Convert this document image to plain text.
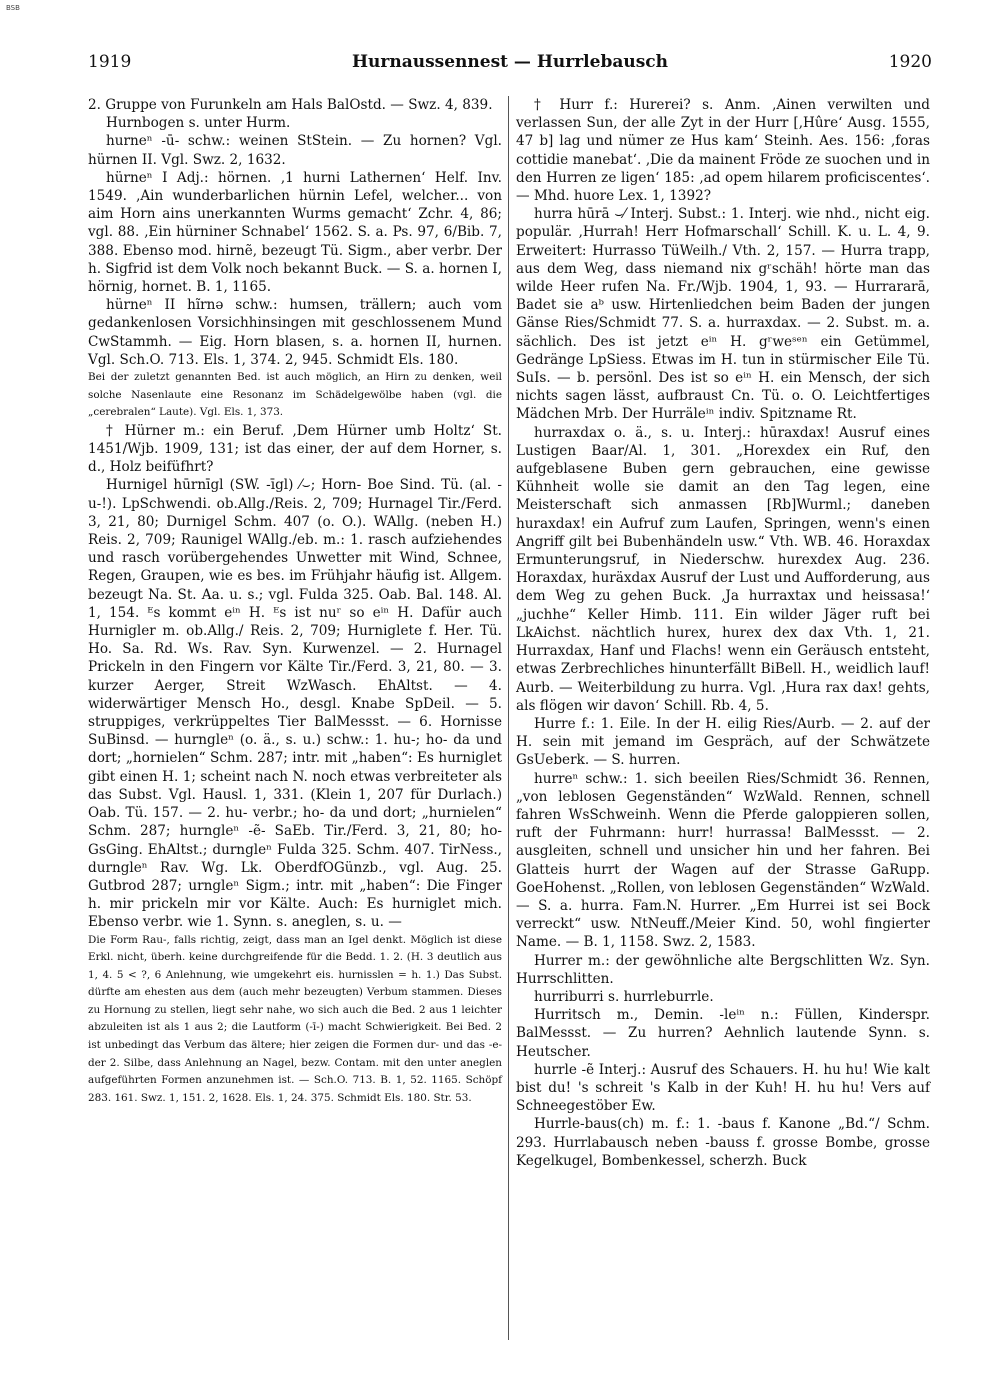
BSB
1919	Hurnaussennest — Hurrlebausch	1920

2. Gruppe von Furunkeln am Hals BalOstd. — Swz. 4, 839.

Hurnbogen s. unter Hurm.

hurneⁿ -ū- schw.: weinen StStein. — Zu hornen? Vgl. hürnen II. Vgl. Swz. 2, 1632.

hürneⁿ I Adj.: hörnen. ‚1 hurni Lathernen‘ Helf. Inv. 1549. ‚Ain wunderbarlichen hürnin Lefel, welcher... von aim Horn ains unerkannten Wurms gemacht‘ Zchr. 4, 86; vgl. 88. ‚Ein hürniner Schnabel‘ 1562. S. a. Ps. 97, 6/Bib. 7, 388. Ebenso mod. hirnẽ, bezeugt Tü. Sigm., aber verbr. Der h. Sigfrid ist dem Volk noch bekannt Buck. — S. a. hornen I, hörnig, hornet. B. 1, 1165.

hürneⁿ II hĩrnə schw.: humsen, trällern; auch vom gedankenlosen Vorsichhinsingen mit geschlossenem Mund CwStammh. — Eig. Horn blasen, s. a. hornen II, hurnen. Vgl. Sch.O. 713. Els. 1, 374. 2, 945. Schmidt Els. 180.

Bei der zuletzt genannten Bed. ist auch möglich, an Hirn zu denken, weil solche Nasenlaute eine Resonanz im Schädelgewölbe haben (vgl. die „cerebralen“ Laute). Vgl. Els. 1, 373.

† Hürner m.: ein Beruf. ‚Dem Hürner umb Holtz‘ St. 1451/Wjb. 1909, 131; ist das einer, der auf dem Horner, s. d., Holz beifüfhrt?

Hurnigel hūrnīgl (SW. -īgl) ⁄⌣; Horn- Boe Sind. Tü. (al. -u-!). LpSchwendi. ob.Allg./Reis. 2, 709; Hurnagel Tir./Ferd. 3, 21, 80; Durnigel Schm. 407 (o. O.). WAllg. (neben H.) Reis. 2, 709; Raunigel WAllg./eb. m.: 1. rasch aufziehendes und rasch vorübergehendes Unwetter mit Wind, Schnee, Regen, Graupen, wie es bes. im Frühjahr häufig ist. Allgem. bezeugt Na. St. Aa. u. s.; vgl. Fulda 325. Oab. Bal. 148. Al. 1, 154. ᴱs kommt eⁱⁿ H. ᴱs ist nuʳ so eⁱⁿ H. Dafür auch Hurnigler m. ob.Allg./ Reis. 2, 709; Hurniglete f. Her. Tü. Ho. Sa. Rd. Ws. Rav. Syn. Kurwenzel. — 2. Hurnagel Prickeln in den Fingern vor Kälte Tir./Ferd. 3, 21, 80. — 3. kurzer Aerger, Streit WzWasch. EhAltst. — 4. widerwärtiger Mensch Ho., desgl. Knabe SpDeil. — 5. struppiges, verkrüppeltes Tier BalMessst. — 6. Hornisse SuBinsd. — hurngleⁿ (o. ä., s. u.) schw.: 1. hu-; ho- da und dort; „hornielen“ Schm. 287; intr. mit „haben“: Es hurniglet gibt einen H. 1; scheint nach N. noch etwas verbreiteter als das Subst. Vgl. Hausl. 1, 331. (Klein 1, 207 für Durlach.) Oab. Tü. 157. — 2. hu- verbr.; ho- da und dort; „hurnielen“ Schm. 287; hurngleⁿ -ẽ- SaEb. Tir./Ferd. 3, 21, 80; ho- GsGing. EhAltst.; durngleⁿ Fulda 325. Schm. 407. TirNess., durngleⁿ Rav. Wg. Lk. OberdfOGünzb., vgl. Aug. 25. Gutbrod 287; urngleⁿ Sigm.; intr. mit „haben“: Die Finger h. mir prickeln mir vor Kälte. Auch: Es hurniglet mich. Ebenso verbr. wie 1. Synn. s. aneglen, s. u. —

Die Form Rau-, falls richtig, zeigt, dass man an Igel denkt. Möglich ist diese Erkl. nicht, überh. keine durchgreifende für die Bedd. 1. 2. (H. 3 deutlich aus 1, 4. 5 < ?, 6 Anlehnung, wie umgekehrt eis. hurnisslen = h. 1.) Das Subst. dürfte am ehesten aus dem (auch mehr bezeugten) Verbum stammen. Dieses zu Hornung zu stellen, liegt sehr nahe, wo sich auch die Bed. 2 aus 1 leichter abzuleiten ist als 1 aus 2; die Lautform (-ī-) macht Schwierigkeit. Bei Bed. 2 ist unbedingt das Verbum das ältere; hier zeigen die Formen dur- und das -e- der 2. Silbe, dass Anlehnung an Nagel, bezw. Contam. mit den unter aneglen aufgeführten Formen anzunehmen ist. — Sch.O. 713. B. 1, 52. 1165. Schöpf 283. 161. Swz. 1, 151. 2, 1628. Els. 1, 24. 375. Schmidt Els. 180. Str. 53.

† Hurr f.: Hurerei? s. Anm. ‚Ainen verwilten und verlassen Sun, der alle Zyt in der Hurr [‚Hûre‘ Ausg. 1555, 47 b] lag und nümer ze Hus kam‘ Steinh. Aes. 156: ‚foras cottidie manebat‘. ‚Die da mainent Fröde ze suochen und in den Hurren ze ligen‘ 185: ‚ad opem hilarem proficiscentes‘. — Mhd. huore Lex. 1, 1392?

hurra hūrā ⌣⁄ Interj. Subst.: 1. Interj. wie nhd., nicht eig. populär. ‚Hurrah! Herr Hofmarschall‘ Schill. K. u. L. 4, 9. Erweitert: Hurrasso TüWeilh./ Vth. 2, 157. — Hurra trapp, aus dem Weg, dass niemand nix gʳschäh! hörte man das wilde Heer rufen Na. Fr./Wjb. 1904, 1, 93. — Hurrararā, Badet sie aᵇ usw. Hirtenliedchen beim Baden der jungen Gänse Ries/Schmidt 77. S. a. hurraxdax. — 2. Subst. m. a. sächlich. Des ist jetzt eⁱⁿ H. gʳweˢᵉⁿ ein Getümmel, Gedränge LpSiess. Etwas im H. tun in stürmischer Eile Tü. SuIs. — b. persönl. Des ist so eⁱⁿ H. ein Mensch, der sich nichts sagen lässt, aufbraust Cn. Tü. o. O. Leichtfertiges Mädchen Mrb. Der Hurräleⁱⁿ indiv. Spitzname Rt.

hurraxdax o. ä., s. u. Interj.: hūraxdax! Ausruf eines Lustigen Baar/Al. 1, 301. „Horexdex ein Ruf, den aufgeblasene Buben gern gebrauchen, eine gewisse Kühnheit wolle sie damit an den Tag legen, eine Meisterschaft sich anmassen [Rb]Wurml.; daneben huraxdax! ein Aufruf zum Laufen, Springen, wenn's einen Angriff gilt bei Bubenhändeln usw.“ Vth. WB. 46. Horaxdax Ermunterungsruf, in Niederschw. hurexdex Aug. 236. Horaxdax, huräxdax Ausruf der Lust und Aufforderung, aus dem Weg zu gehen Buck. ‚Ja hurraxtax und heissasa!‘ „juchhe“ Keller Himb. 111. Ein wilder Jäger ruft bei LkAichst. nächtlich hurex, hurex dex dax Vth. 1, 21. Hurraxdax, Hanf und Flachs! wenn ein Geräusch entsteht, etwas Zerbrechliches hinunterfällt BiBell. H., weidlich lauf! Aurb. — Weiterbildung zu hurra. Vgl. ‚Hura rax dax! gehts, als flögen wir davon‘ Schill. Rb. 4, 5.

Hurre f.: 1. Eile. In der H. eilig Ries/Aurb. — 2. auf der H. sein mit jemand im Gespräch, auf der Schwätzete GsUeberk. — S. hurren.

hurreⁿ schw.: 1. sich beeilen Ries/Schmidt 36. Rennen, „von leblosen Gegenständen“ WzWald. Rennen, schnell fahren WsSchweinh. Wenn die Pferde galoppieren sollen, ruft der Fuhrmann: hurr! hurrassa! BalMessst. — 2. ausgleiten, schnell und unsicher hin und her fahren. Bei Glatteis hurrt der Wagen auf der Strasse GaRupp. GoeHohenst. „Rollen, von leblosen Gegenständen“ WzWald. — S. a. hurra. Fam.N. Hurrer. „Em Hurrei ist sei Bock verreckt“ usw. NtNeuff./Meier Kind. 50, wohl fingierter Name. — B. 1, 1158. Swz. 2, 1583.

Hurrer m.: der gewöhnliche alte Bergschlitten Wz. Syn. Hurrschlitten.

hurriburri s. hurrleburrle.

Hurritsch m., Demin. -leⁱⁿ n.: Füllen, Kinderspr. BalMessst. — Zu hurren? Aehnlich lautende Synn. s. Heutscher.

hurrle -ẽ Interj.: Ausruf des Schauers. H. hu hu! Wie kalt bist du! 's schreit 's Kalb in der Kuh! H. hu hu! Vers auf Schneegestöber Ew.

Hurrle-baus(ch) m. f.: 1. -baus f. Kanone „Bd.“/ Schm. 293. Hurrlabausch neben -bauss f. grosse Bombe, grosse Kegelkugel, Bombenkessel, scherzh. Buck
